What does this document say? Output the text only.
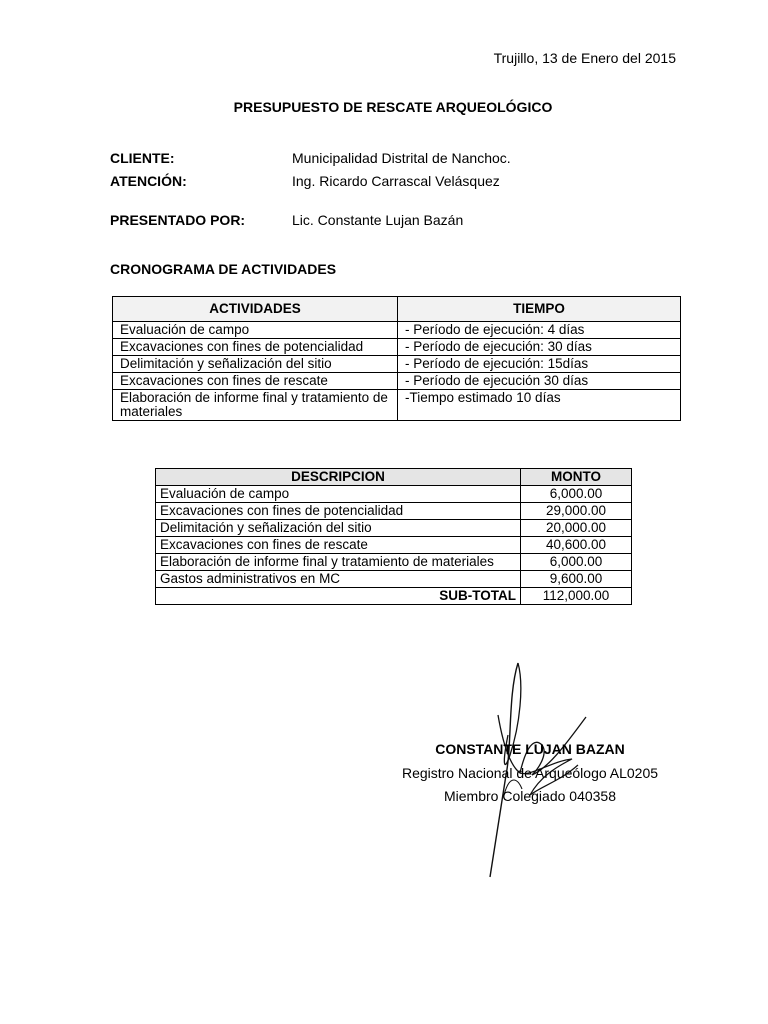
Trujillo, 13 de Enero del 2015
PRESUPUESTO DE RESCATE ARQUEOLÓGICO
CLIENTE:	Municipalidad Distrital de Nanchoc.
ATENCIÓN:	Ing. Ricardo Carrascal Velásquez
PRESENTADO POR:	Lic. Constante Lujan Bazán
CRONOGRAMA DE ACTIVIDADES
ACTIVIDADES	TIEMPO
Evaluación de campo	- Período de ejecución: 4 días
Excavaciones con fines de potencialidad	- Período de ejecución: 30 días
Delimitación y señalización del sitio	- Período de ejecución: 15días
Excavaciones con fines de rescate	- Período de ejecución 30 días
Elaboración de informe final y tratamiento de materiales	-Tiempo estimado 10 días
DESCRIPCION	MONTO
Evaluación de campo	6,000.00
Excavaciones con fines de potencialidad	29,000.00
Delimitación y señalización del sitio	20,000.00
Excavaciones con fines de rescate	40,600.00
Elaboración de informe final y tratamiento de materiales	6,000.00
Gastos administrativos en MC	9,600.00
SUB-TOTAL	112,000.00
CONSTANTE LUJAN BAZAN
Registro Nacional de Arqueólogo AL0205
Miembro Colegiado 040358
